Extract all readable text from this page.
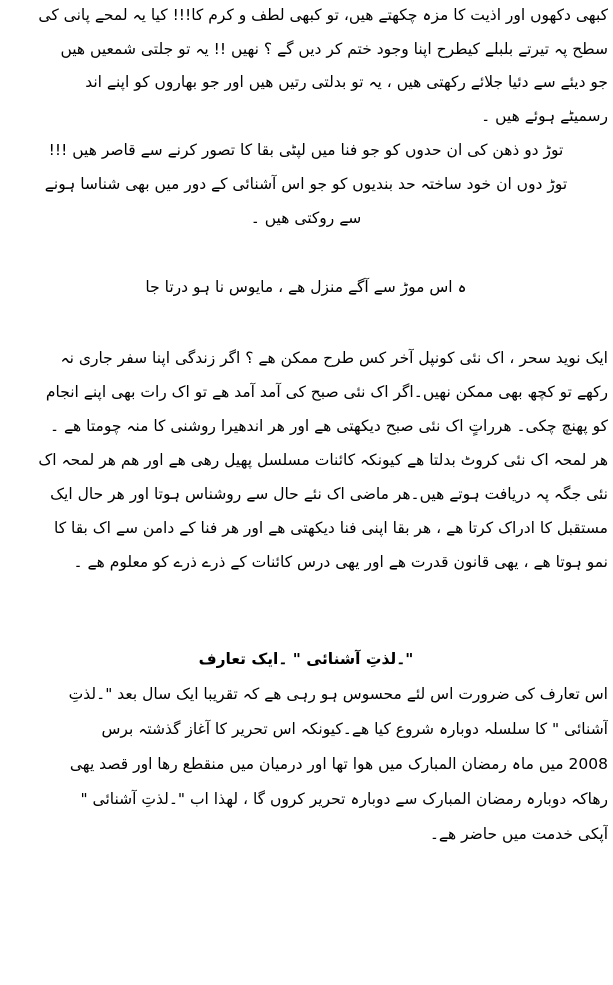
کبھی دکھوں اور اذیت کا مزہ چکھتے ھیں، تو کبھی لطف و کرم کا!!! کیا یہ لمحے پانی کی
سطح پہ تیرتے بلبلے کیطرح اپنا وجود ختم کر دیں گے ؟ نھیں !! یہ تو جلتی شمعیں ھیں
جو دیئے سے دئیا جلائے رکھتی ھیں ، یہ تو بدلتی رتیں ھیں اور جو بھاروں کو اپنے اند
رسمیٹے ہوئے ھیں ۔
توڑ دو ذھن کی ان حدوں کو جو فنا میں لپٹی بقا کا تصور کرنے سے قاصر ھیں !!!
توڑ دوں ان خود ساختہ حد بندیوں کو جو اس آشنائی کے دور میں بھی شناسا ہونے
سے روکتی ھیں ۔
ہ اس موڑ سے آگے منزل ھے ، مایوس نا ہو درتا جا
ایک نوید سحر ، اک نئی کونپل آخر کس طرح ممکن ھے ؟ اگر زندگی اپنا سفر جاری نہ
رکھے تو کچھ بھی ممکن نھیں۔اگر اک نئی صبح کی آمد آمد ھے تو اک رات بھی اپنے انجام
کو پھنچ چکی۔ ھرراتٍ اک نئی صبح دیکھتی ھے اور ھر اندھیرا روشنی کا منہ چومتا ھے ۔
ھر لمحہ اک نئی کروٹ بدلتا ھے کیونکہ کائنات مسلسل پھیل رھی ھے اور ھم ھر لمحہ اک
نئی جگہ پہ دریافت ہوتے ھیں۔ھر ماضی اک نئے حال سے روشناس ہوتا اور ھر حال ایک
مستقبل کا ادراک کرتا ھے ، ھر بقا اپنی فنا دیکھتی ھے اور ھر فنا کے دامن سے اک بقا کا
نمو ہوتا ھے ، یھی قانون قدرت ھے اور یھی درس کائنات کے ذرے ذرے کو معلوم ھے ۔
"۔لذتِ آشنائی " ۔ایک تعارف
اس تعارف کی ضرورت اس لئے محسوس ہو رہی ھے کہ تقریبا ایک سال بعد "۔لذتِ
آشنائی " کا سلسلہ دوبارہ شروع کیا ھے۔کیونکہ اس تحریر کا آغاز گذشتہ برس
2008 میں ماہ رمضان المبارک میں ھوا تھا اور درمیان میں منقطع رھا اور قصد یھی
رھاکہ دوبارہ رمضان المبارک سے دوبارہ تحریر کروں گا ، لھذا اب "۔لذتِ آشنائی "
آپکی خدمت میں حاضر ھے۔
